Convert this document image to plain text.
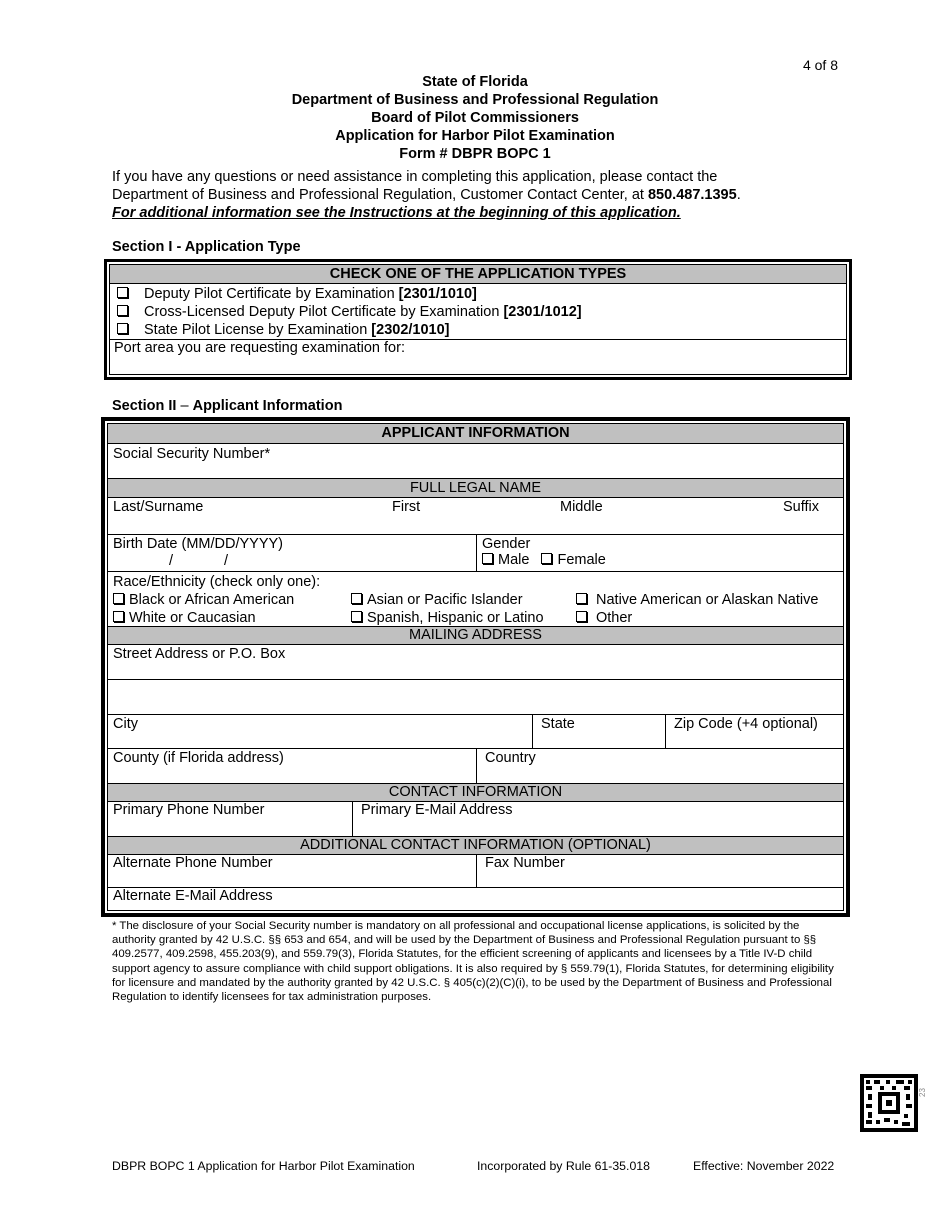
4 of 8
State of Florida
Department of Business and Professional Regulation
Board of Pilot Commissioners
Application for Harbor Pilot Examination
Form # DBPR BOPC 1
If you have any questions or need assistance in completing this application, please contact the
Department of Business and Professional Regulation, Customer Contact Center, at 850.487.1395.
For additional information see the Instructions at the beginning of this application.
Section I - Application Type
CHECK ONE OF THE APPLICATION TYPES
Deputy Pilot Certificate by Examination [2301/1010]
Cross-Licensed Deputy Pilot Certificate by Examination [2301/1012]
State Pilot License by Examination [2302/1010]
Port area you are requesting examination for:
Section II – Applicant Information
APPLICANT INFORMATION
Social Security Number*
FULL LEGAL NAME
Last/Surname	First	Middle	Suffix
Birth Date (MM/DD/YYYY)
/	/
Gender
Male Female
Race/Ethnicity (check only one):
Black or African American	Asian or Pacific Islander	Native American or Alaskan Native
White or Caucasian	Spanish, Hispanic or Latino	Other
MAILING ADDRESS
Street Address or P.O. Box
City	State	Zip Code (+4 optional)
County (if Florida address)	Country
CONTACT INFORMATION
Primary Phone Number	Primary E-Mail Address
ADDITIONAL CONTACT INFORMATION (OPTIONAL)
Alternate Phone Number	Fax Number
Alternate E-Mail Address
* The disclosure of your Social Security number is mandatory on all professional and occupational license applications, is solicited by the authority granted by 42 U.S.C. §§ 653 and 654, and will be used by the Department of Business and Professional Regulation pursuant to §§ 409.2577, 409.2598, 455.203(9), and 559.79(3), Florida Statutes, for the efficient screening of applicants and licensees by a Title IV-D child support agency to assure compliance with child support obligations. It is also required by § 559.79(1), Florida Statutes, for determining eligibility for licensure and mandated by the authority granted by 42 U.S.C. § 405(c)(2)(C)(i), to be used by the Department of Business and Professional Regulation to identify licensees for tax administration purposes.
23
DBPR BOPC 1 Application for Harbor Pilot Examination	Incorporated by Rule 61-35.018	Effective: November 2022
